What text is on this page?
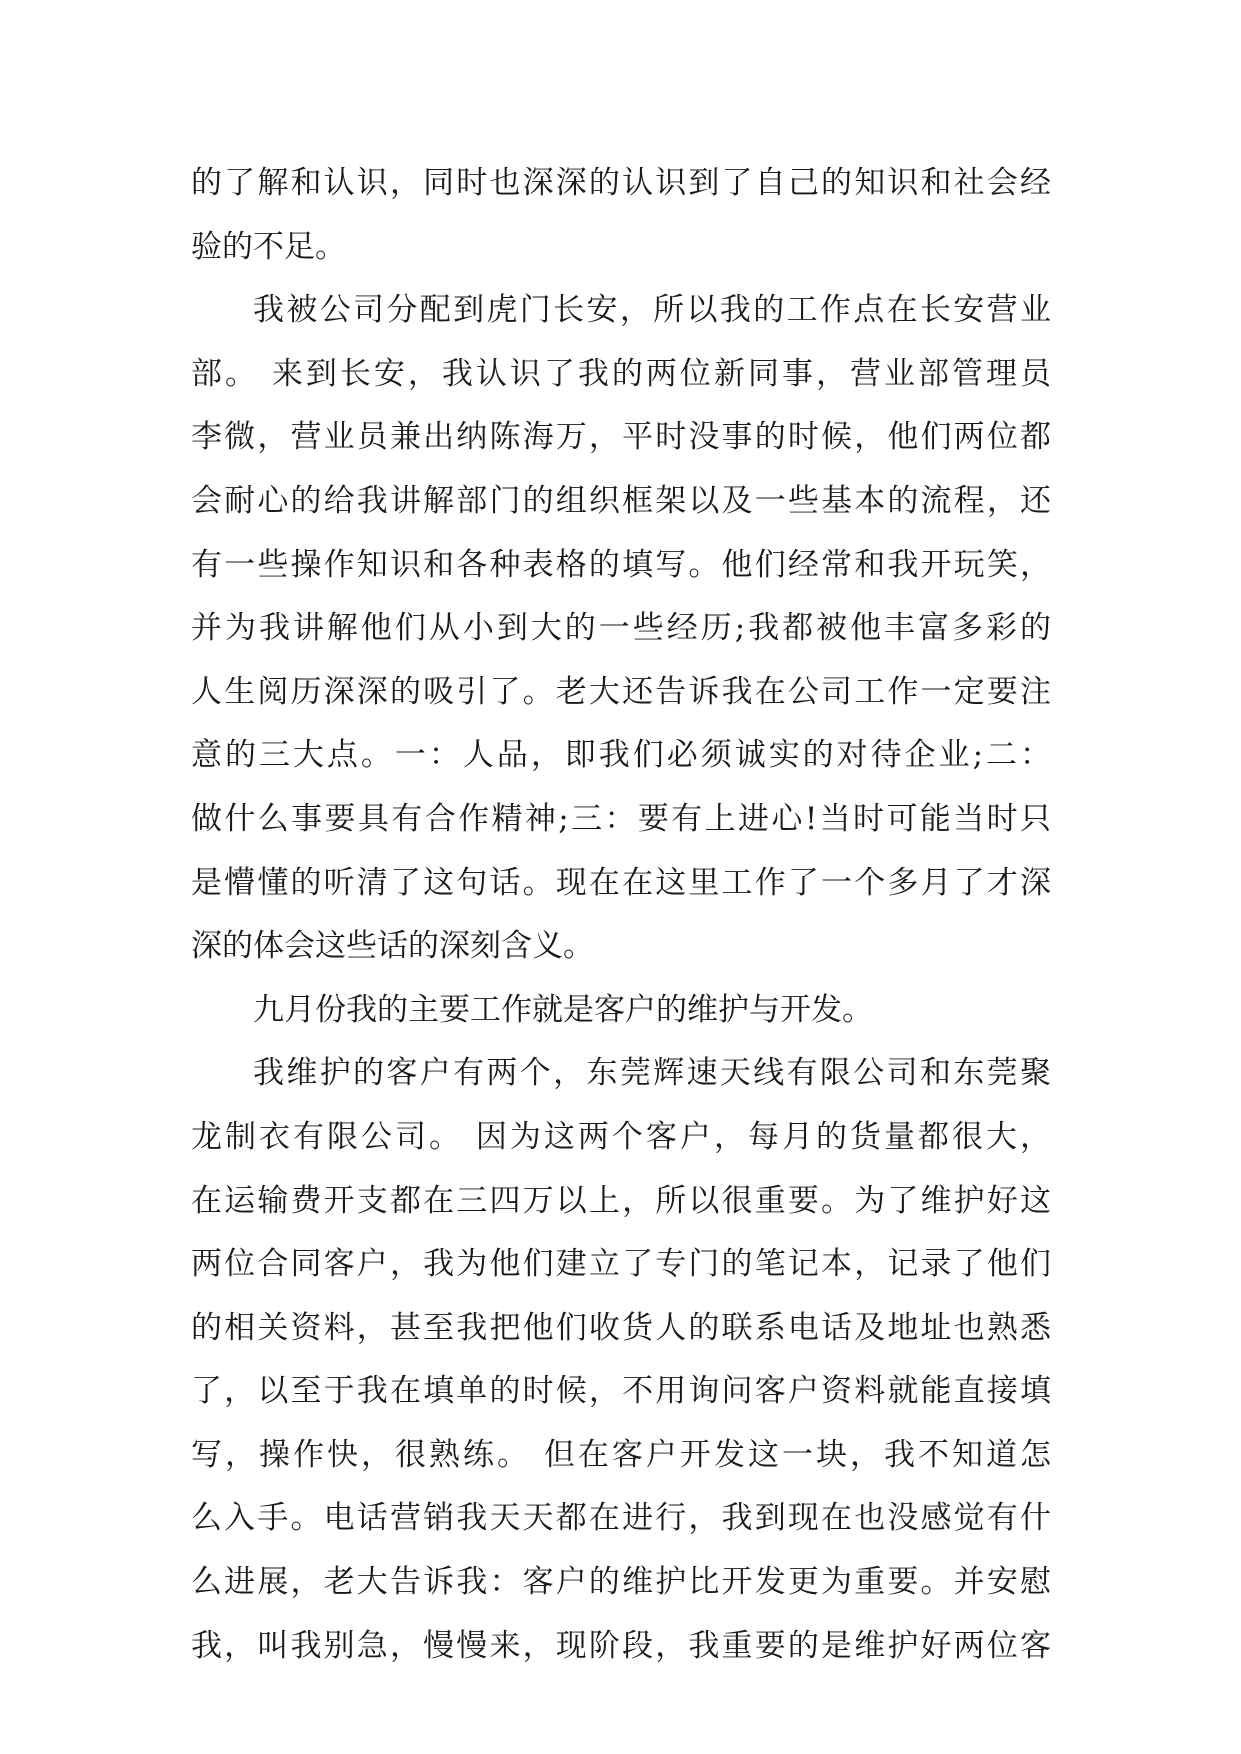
的了解和认识，同时也深深的认识到了自己的知识和社会经
验的不足。
我被公司分配到虎门长安，所以我的工作点在长安营业
部。 来到长安，我认识了我的两位新同事，营业部管理员
李微，营业员兼出纳陈海万，平时没事的时候，他们两位都
会耐心的给我讲解部门的组织框架以及一些基本的流程，还
有一些操作知识和各种表格的填写。他们经常和我开玩笑，
并为我讲解他们从小到大的一些经历;我都被他丰富多彩的
人生阅历深深的吸引了。老大还告诉我在公司工作一定要注
意的三大点。一：人品，即我们必须诚实的对待企业;二：
做什么事要具有合作精神;三：要有上进心!当时可能当时只
是懵懂的听清了这句话。现在在这里工作了一个多月了才深
深的体会这些话的深刻含义。
九月份我的主要工作就是客户的维护与开发。
我维护的客户有两个，东莞辉速天线有限公司和东莞聚
龙制衣有限公司。 因为这两个客户，每月的货量都很大，
在运输费开支都在三四万以上，所以很重要。为了维护好这
两位合同客户，我为他们建立了专门的笔记本，记录了他们
的相关资料，甚至我把他们收货人的联系电话及地址也熟悉
了，以至于我在填单的时候，不用询问客户资料就能直接填
写，操作快，很熟练。 但在客户开发这一块，我不知道怎
么入手。电话营销我天天都在进行，我到现在也没感觉有什
么进展，老大告诉我：客户的维护比开发更为重要。并安慰
我，叫我别急，慢慢来，现阶段，我重要的是维护好两位客
